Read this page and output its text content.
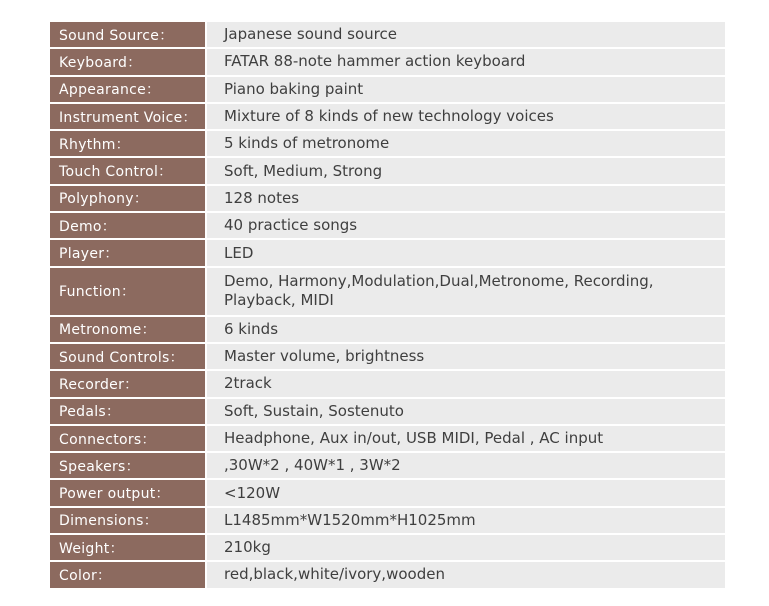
Sound Source：	Japanese sound source
Keyboard：	FATAR 88-note hammer action keyboard
Appearance：	Piano baking paint
Instrument Voice：	Mixture of 8 kinds of new technology voices
Rhythm：	5 kinds of metronome
Touch Control：	Soft, Medium, Strong
Polyphony：	128 notes
Demo：	40 practice songs
Player：	LED
Function：
Demo, Harmony,Modulation,Dual,Metronome, Recording, Playback, MIDI
Metronome：	6 kinds
Sound Controls：	Master volume, brightness
Recorder：	2track
Pedals：	Soft, Sustain, Sostenuto
Connectors：	Headphone, Aux in/out, USB MIDI, Pedal , AC input
Speakers：	,30W*2 , 40W*1 , 3W*2
Power output：	<120W
Dimensions：	L1485mm*W1520mm*H1025mm
Weight：	210kg
Color：	red,black,white/ivory,wooden
